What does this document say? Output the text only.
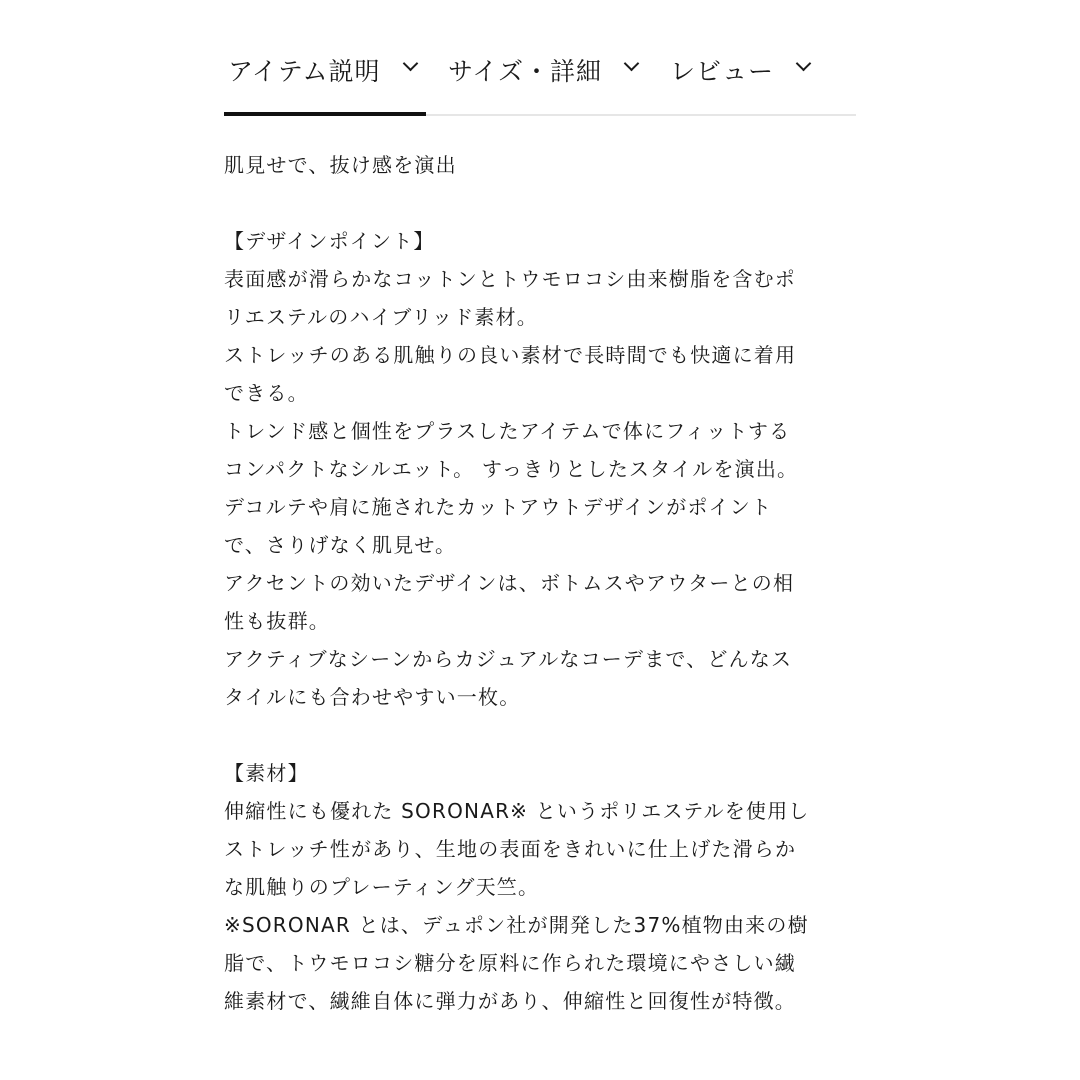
アイテム説明	サイズ・詳細	レビュー

肌見せで、抜け感を演出

【デザインポイント】

表面感が滑らかなコットンとトウモロコシ由来樹脂を含むポ

リエステルのハイブリッド素材。

ストレッチのある肌触りの良い素材で長時間でも快適に着用

できる。

トレンド感と個性をプラスしたアイテムで体にフィットする

コンパクトなシルエット。 すっきりとしたスタイルを演出。

デコルテや肩に施されたカットアウトデザインがポイント

で、さりげなく肌見せ。

アクセントの効いたデザインは、ボトムスやアウターとの相

性も抜群。

アクティブなシーンからカジュアルなコーデまで、どんなス

タイルにも合わせやすい一枚。

【素材】

伸縮性にも優れた SORONAR※ というポリエステルを使用し

ストレッチ性があり、生地の表面をきれいに仕上げた滑らか

な肌触りのプレーティング天竺。

※SORONAR とは、デュポン社が開発した37%植物由来の樹

脂で、トウモロコシ糖分を原料に作られた環境にやさしい繊

維素材で、繊維自体に弾力があり、伸縮性と回復性が特徴。
